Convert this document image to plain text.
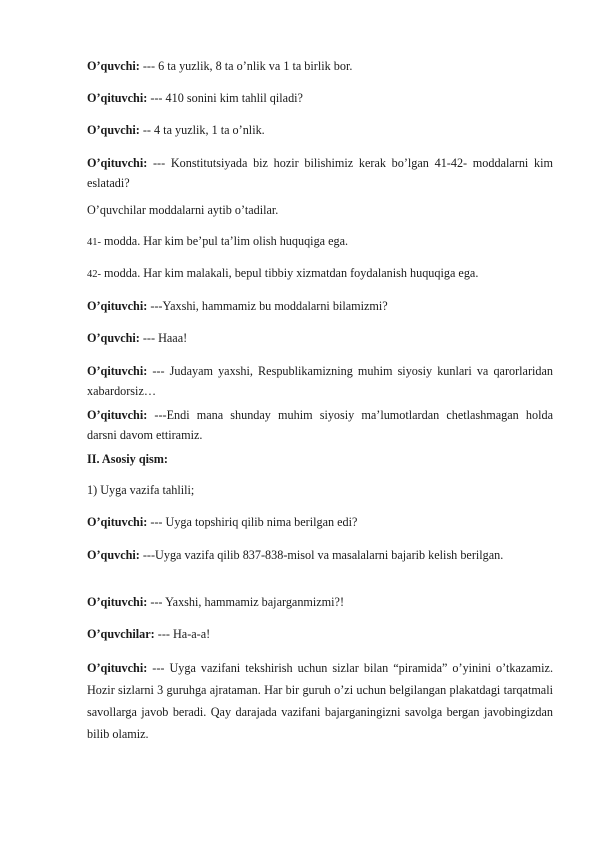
O’quvchi: --- 6 ta yuzlik, 8 ta o’nlik va 1 ta birlik bor.

O’qituvchi: --- 410 sonini kim tahlil qiladi?

O’quvchi: -- 4 ta yuzlik, 1 ta o’nlik.

O’qituvchi: --- Konstitutsiyada biz hozir bilishimiz kerak bo’lgan 41-42- moddalarni kim eslatadi?

O’quvchilar moddalarni aytib o’tadilar.

41- modda. Har kim be’pul ta’lim olish huquqiga ega.

42- modda. Har kim malakali, bepul tibbiy xizmatdan foydalanish huquqiga ega.

O’qituvchi: ---Yaxshi, hammamiz bu moddalarni bilamizmi?

O’quvchi: --- Haaa!

O’qituvchi: --- Judayam yaxshi, Respublikamizning muhim siyosiy kunlari va qarorlaridan xabardorsiz…

O’qituvchi: ---Endi mana shunday muhim siyosiy ma’lumotlardan chetlashmagan holda darsni davom ettiramiz.

II. Asosiy qism:

1) Uyga vazifa tahlili;

O’qituvchi: --- Uyga topshiriq qilib nima berilgan edi?

O’quvchi: ---Uyga vazifa qilib 837-838-misol va masalalarni bajarib kelish berilgan.

O’qituvchi: --- Yaxshi, hammamiz bajarganmizmi?!

O’quvchilar: --- Ha-a-a!

O’qituvchi: --- Uyga vazifani tekshirish uchun sizlar bilan “piramida” o’yinini o’tkazamiz. Hozir sizlarni 3 guruhga ajrataman. Har bir guruh o’zi uchun belgilangan plakatdagi tarqatmali savollarga javob beradi. Qay darajada vazifani bajarganingizni savolga bergan javobingizdan bilib olamiz.
